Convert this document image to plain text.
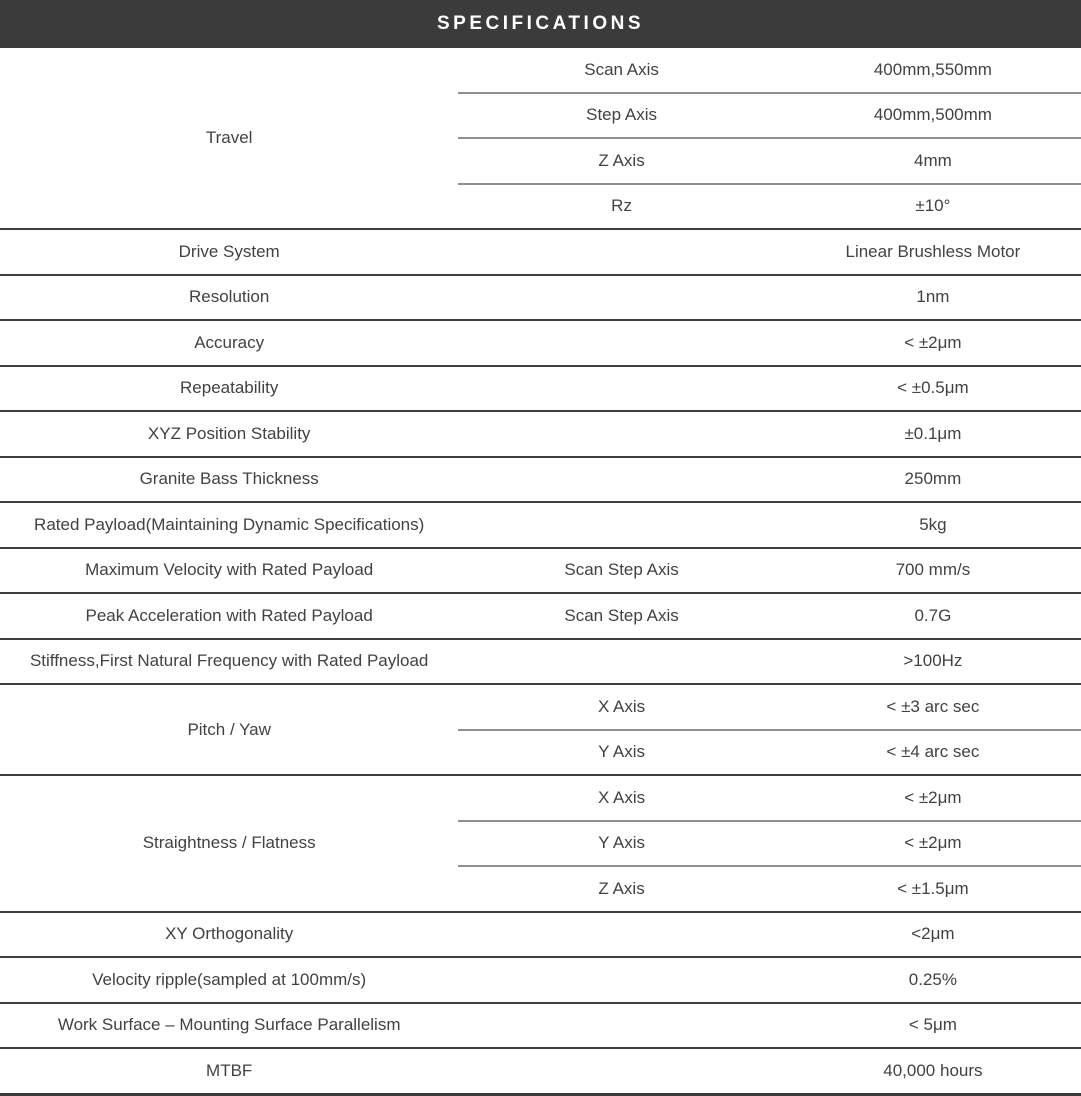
SPECIFICATIONS
Travel	Scan Axis	400mm,550mm
	Step Axis	400mm,500mm
	Z Axis	4mm
	Rz	±10°
Drive System		Linear Brushless Motor
Resolution		1nm
Accuracy		< ±2μm
Repeatability		< ±0.5μm
XYZ Position Stability		±0.1μm
Granite Bass Thickness		250mm
Rated Payload(Maintaining Dynamic Specifications)		5kg
Maximum Velocity with Rated Payload	Scan Step Axis	700 mm/s
Peak Acceleration with Rated Payload	Scan Step Axis	0.7G
Stiffness,First Natural Frequency with Rated Payload		>100Hz
Pitch / Yaw	X Axis	< ±3 arc sec
	Y Axis	< ±4 arc sec
Straightness / Flatness	X Axis	< ±2μm
	Y Axis	< ±2μm
	Z Axis	< ±1.5μm
XY Orthogonality		<2μm
Velocity ripple(sampled at 100mm/s)		0.25%
Work Surface – Mounting Surface Parallelism		< 5μm
MTBF		40,000 hours
